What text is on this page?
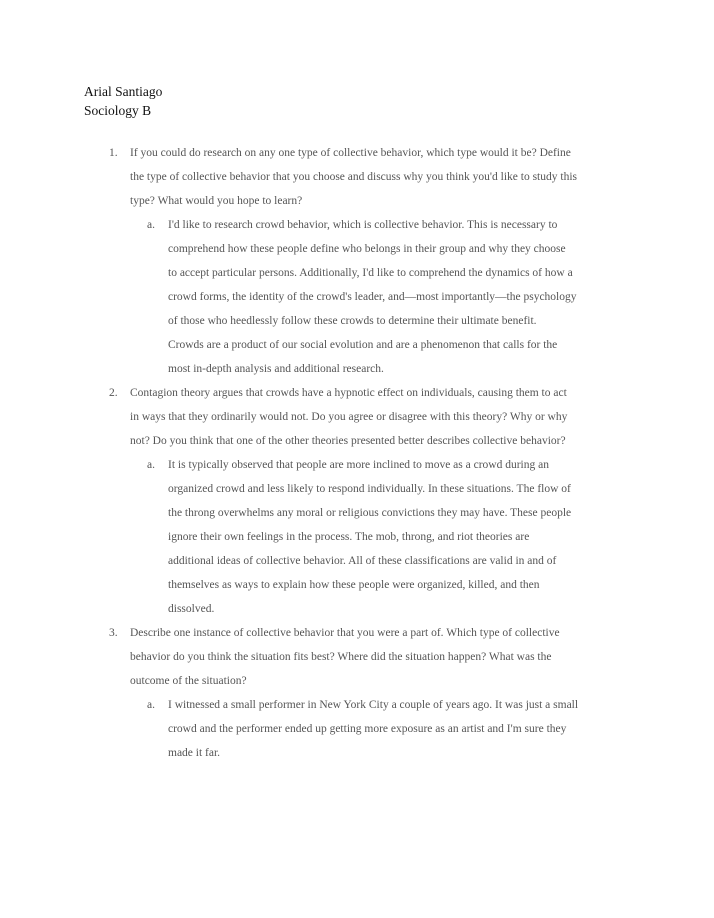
Arial Santiago
Sociology B
1.	If you could do research on any one type of collective behavior, which type would it be? Define
the type of collective behavior that you choose and discuss why you think you'd like to study this
type? What would you hope to learn?
a. I'd like to research crowd behavior, which is collective behavior. This is necessary to
comprehend how these people define who belongs in their group and why they choose
to accept particular persons. Additionally, I'd like to comprehend the dynamics of how a
crowd forms, the identity of the crowd's leader, and—most importantly—the psychology
of those who heedlessly follow these crowds to determine their ultimate benefit.
Crowds are a product of our social evolution and are a phenomenon that calls for the
most in-depth analysis and additional research.
2.	Contagion theory argues that crowds have a hypnotic effect on individuals, causing them to act
in ways that they ordinarily would not. Do you agree or disagree with this theory? Why or why
not? Do you think that one of the other theories presented better describes collective behavior?
a. It is typically observed that people are more inclined to move as a crowd during an
organized crowd and less likely to respond individually. In these situations. The flow of
the throng overwhelms any moral or religious convictions they may have. These people
ignore their own feelings in the process. The mob, throng, and riot theories are
additional ideas of collective behavior. All of these classifications are valid in and of
themselves as ways to explain how these people were organized, killed, and then
dissolved.
3.	Describe one instance of collective behavior that you were a part of. Which type of collective
behavior do you think the situation fits best? Where did the situation happen? What was the
outcome of the situation?
a. I witnessed a small performer in New York City a couple of years ago. It was just a small
crowd and the performer ended up getting more exposure as an artist and I'm sure they
made it far.
